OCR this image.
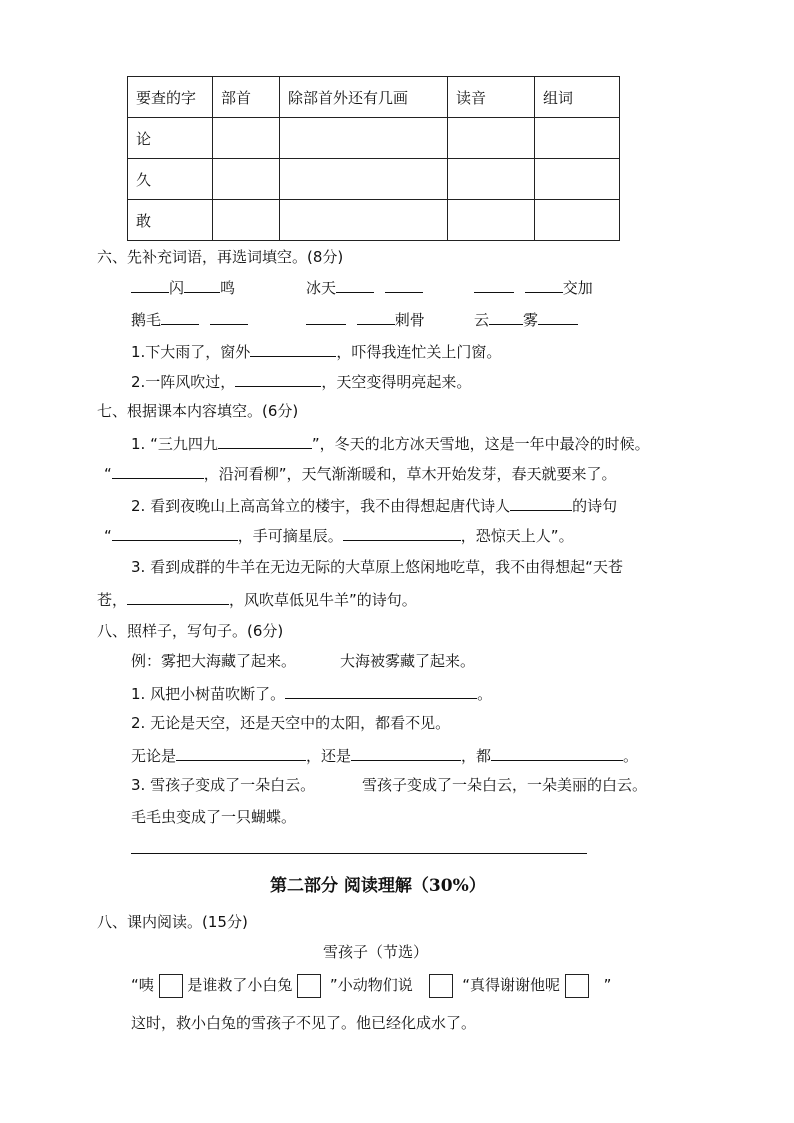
要查的字	部首	除部首外还有几画	读音	组词
论				
久				
敢				
六、先补充词语，再选词填空。(8分)
闪 鸣	冰天	交加
鹅毛	刺骨	云 雾
1.下大雨了，窗外	，吓得我连忙关上门窗。
2.一阵风吹过，	，天空变得明亮起来。
七、根据课本内容填空。(6分)
1. “三九四九	”，冬天的北方冰天雪地，这是一年中最冷的时候。
“	，沿河看柳”，天气渐渐暖和，草木开始发芽，春天就要来了。
2. 看到夜晚山上高高耸立的楼宇，我不由得想起唐代诗人	的诗句
“	，手可摘星辰。	，恐惊天上人”。
3. 看到成群的牛羊在无边无际的大草原上悠闲地吃草，我不由得想起“天苍
苍，	，风吹草低见牛羊”的诗句。
八、照样子，写句子。(6分)
例：雾把大海藏了起来。	大海被雾藏了起来。
1. 风把小树苗吹断了。	。
2. 无论是天空，还是天空中的太阳，都看不见。
无论是	，还是	，都	。
3. 雪孩子变成了一朵白云。	雪孩子变成了一朵白云，一朵美丽的白云。
毛毛虫变成了一只蝴蝶。
第二部分 阅读理解（30%）
八、课内阅读。(15分)
雪孩子（节选）
“咦 是谁救了小白兔	”小动物们说	“真得谢谢他呢	”
这时，救小白兔的雪孩子不见了。他已经化成水了。
